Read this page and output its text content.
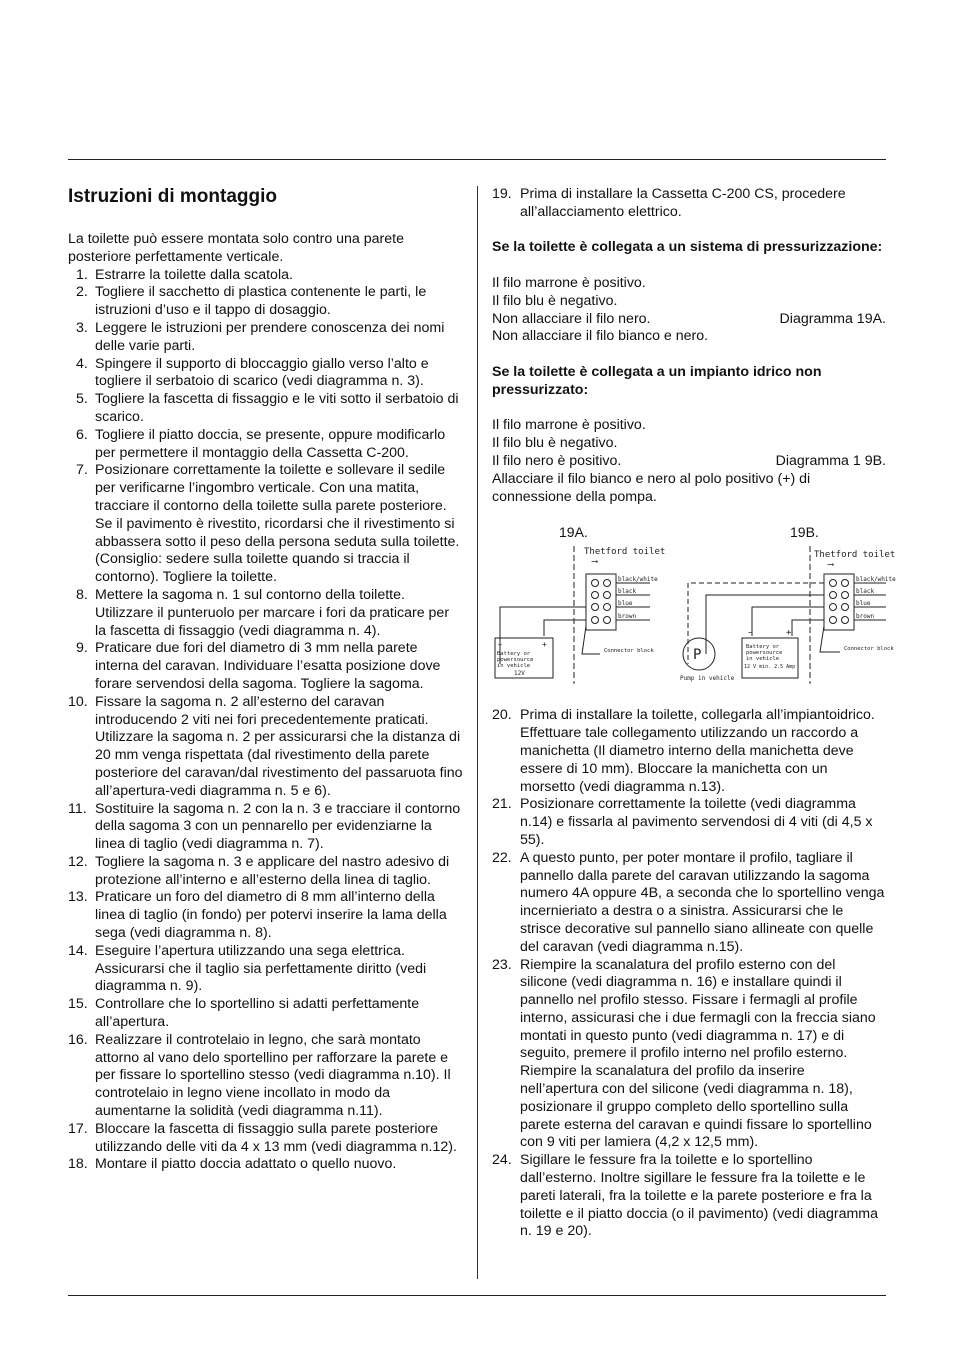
Istruzioni di montaggio

La toilette può essere montata solo contro una parete posteriore perfettamente verticale.

1. Estrarre la toilette dalla scatola.
2. Togliere il sacchetto di plastica contenente le parti, le istruzioni d’uso e il tappo di dosaggio.
3. Leggere le istruzioni per prendere conoscenza dei nomi delle varie parti.
4. Spingere il supporto di bloccaggio giallo verso l’alto e togliere il serbatoio di scarico (vedi diagramma n. 3).
5. Togliere la fascetta di fissaggio e le viti sotto il serbatoio di scarico.
6. Togliere il piatto doccia, se presente, oppure modificarlo per permettere il montaggio della Cassetta C-200.
7. Posizionare correttamente la toilette e sollevare il sedile per verificarne l’ingombro verticale. Con una matita, tracciare il contorno della toilette sulla parete posteriore. Se il pavimento è rivestito, ricordarsi che il rivestimento si abbassera sotto il peso della persona seduta sulla toilette. (Consiglio: sedere sulla toilette quando si traccia il contorno). Togliere la toilette.
8. Mettere la sagoma n. 1 sul contorno della toilette. Utilizzare il punteruolo per marcare i fori da praticare per la fascetta di fissaggio (vedi diagramma n. 4).
9. Praticare due fori del diametro di 3 mm nella parete interna del caravan. Individuare l’esatta posizione dove forare servendosi della sagoma. Togliere la sagoma.
10. Fissare la sagoma n. 2 all’esterno del caravan introducendo 2 viti nei fori precedentemente praticati. Utilizzare la sagoma n. 2 per assicurarsi che la distanza di 20 mm venga rispettata (dal rivestimento della parete posteriore del caravan/dal rivestimento del passaruota fino all’apertura-vedi diagramma n. 5 e 6).
11. Sostituire la sagoma n. 2 con la n. 3 e tracciare il contorno della sagoma 3 con un pennarello per evidenziarne la linea di taglio (vedi diagramma n. 7).
12. Togliere la sagoma n. 3 e applicare del nastro adesivo di protezione all’interno e all’esterno della linea di taglio.
13. Praticare un foro del diametro di 8 mm all’interno della linea di taglio (in fondo) per potervi inserire la lama della sega (vedi diagramma n. 8).
14. Eseguire l’apertura utilizzando una sega elettrica. Assicurarsi che il taglio sia perfettamente diritto (vedi diagramma n. 9).
15. Controllare che lo sportellino si adatti perfettamente all’apertura.
16. Realizzare il controtelaio in legno, che sarà montato attorno al vano delo sportellino per rafforzare la parete e per fissare lo sportellino stesso (vedi diagramma n.10). Il controtelaio in legno viene incollato in modo da aumentarne la solidità (vedi diagramma n.11).
17. Bloccare la fascetta di fissaggio sulla parete posteriore utilizzando delle viti da 4 x 13 mm (vedi diagramma n.12).
18. Montare il piatto doccia adattato o quello nuovo.
19. Prima di installare la Cassetta C-200 CS, procedere all’allacciamento elettrico.

Se la toilette è collegata a un sistema di pressurizzazione:

Il filo marrone è positivo.

Il filo blu è negativo.

Non allacciare il filo nero.	Diagramma 19A.

Non allacciare il filo bianco e nero.

Se la toilette è collegata a un impianto idrico non pressurizzato:

Il filo marrone è positivo.

Il filo blu è negativo.

Il filo nero è positivo.	Diagramma 1 9B.

Allacciare il filo bianco e nero al polo positivo (+) di connessione della pompa.

19A.	19B.
Thetford toilet
⟶
black/white
black
blue
brown
−	+
Battery or
powersource
in vehicle
12V
Connector block
Thetford toilet
⟶
black/white
black
blue
brown
P
Pump in vehicle
−	+
Battery or
powersource
in vehicle
12 V min. 2.5 Amp
Connector block
20. Prima di installare la toilette, collegarla all’impiantoidrico. Effettuare tale collegamento utilizzando un raccordo a manichetta (Il diametro interno della manichetta deve essere di 10 mm). Bloccare la manichetta con un morsetto (vedi diagramma n.13).
21. Posizionare correttamente la toilette (vedi diagramma n.14) e fissarla al pavimento servendosi di 4 viti (di 4,5 x 55).
22. A questo punto, per poter montare il profilo, tagliare il pannello dalla parete del caravan utilizzando la sagoma numero 4A oppure 4B, a seconda che lo sportellino venga incernieriato a destra o a sinistra. Assicurarsi che le strisce decorative sul pannello siano allineate con quelle del caravan (vedi diagramma n.15).
23. Riempire la scanalatura del profilo esterno con del silicone (vedi diagramma n. 16) e installare quindi il pannello nel profilo stesso. Fissare i fermagli al profile interno, assicurasi che i due fermagli con la freccia siano montati in questo punto (vedi diagramma n. 17) e di seguito, premere il profilo interno nel profilo esterno. Riempire la scanalatura del profilo da inserire nell’apertura con del silicone (vedi diagramma n. 18), posizionare il gruppo completo dello sportellino sulla parete esterna del caravan e quindi fissare lo sportellino con 9 viti per lamiera (4,2 x 12,5 mm).
24. Sigillare le fessure fra la toilette e lo sportellino dall’esterno. Inoltre sigillare le fessure fra la toilette e le pareti laterali, fra la toilette e la parete posteriore e fra la toilette e il piatto doccia (o il pavimento) (vedi diagramma n. 19 e 20).
